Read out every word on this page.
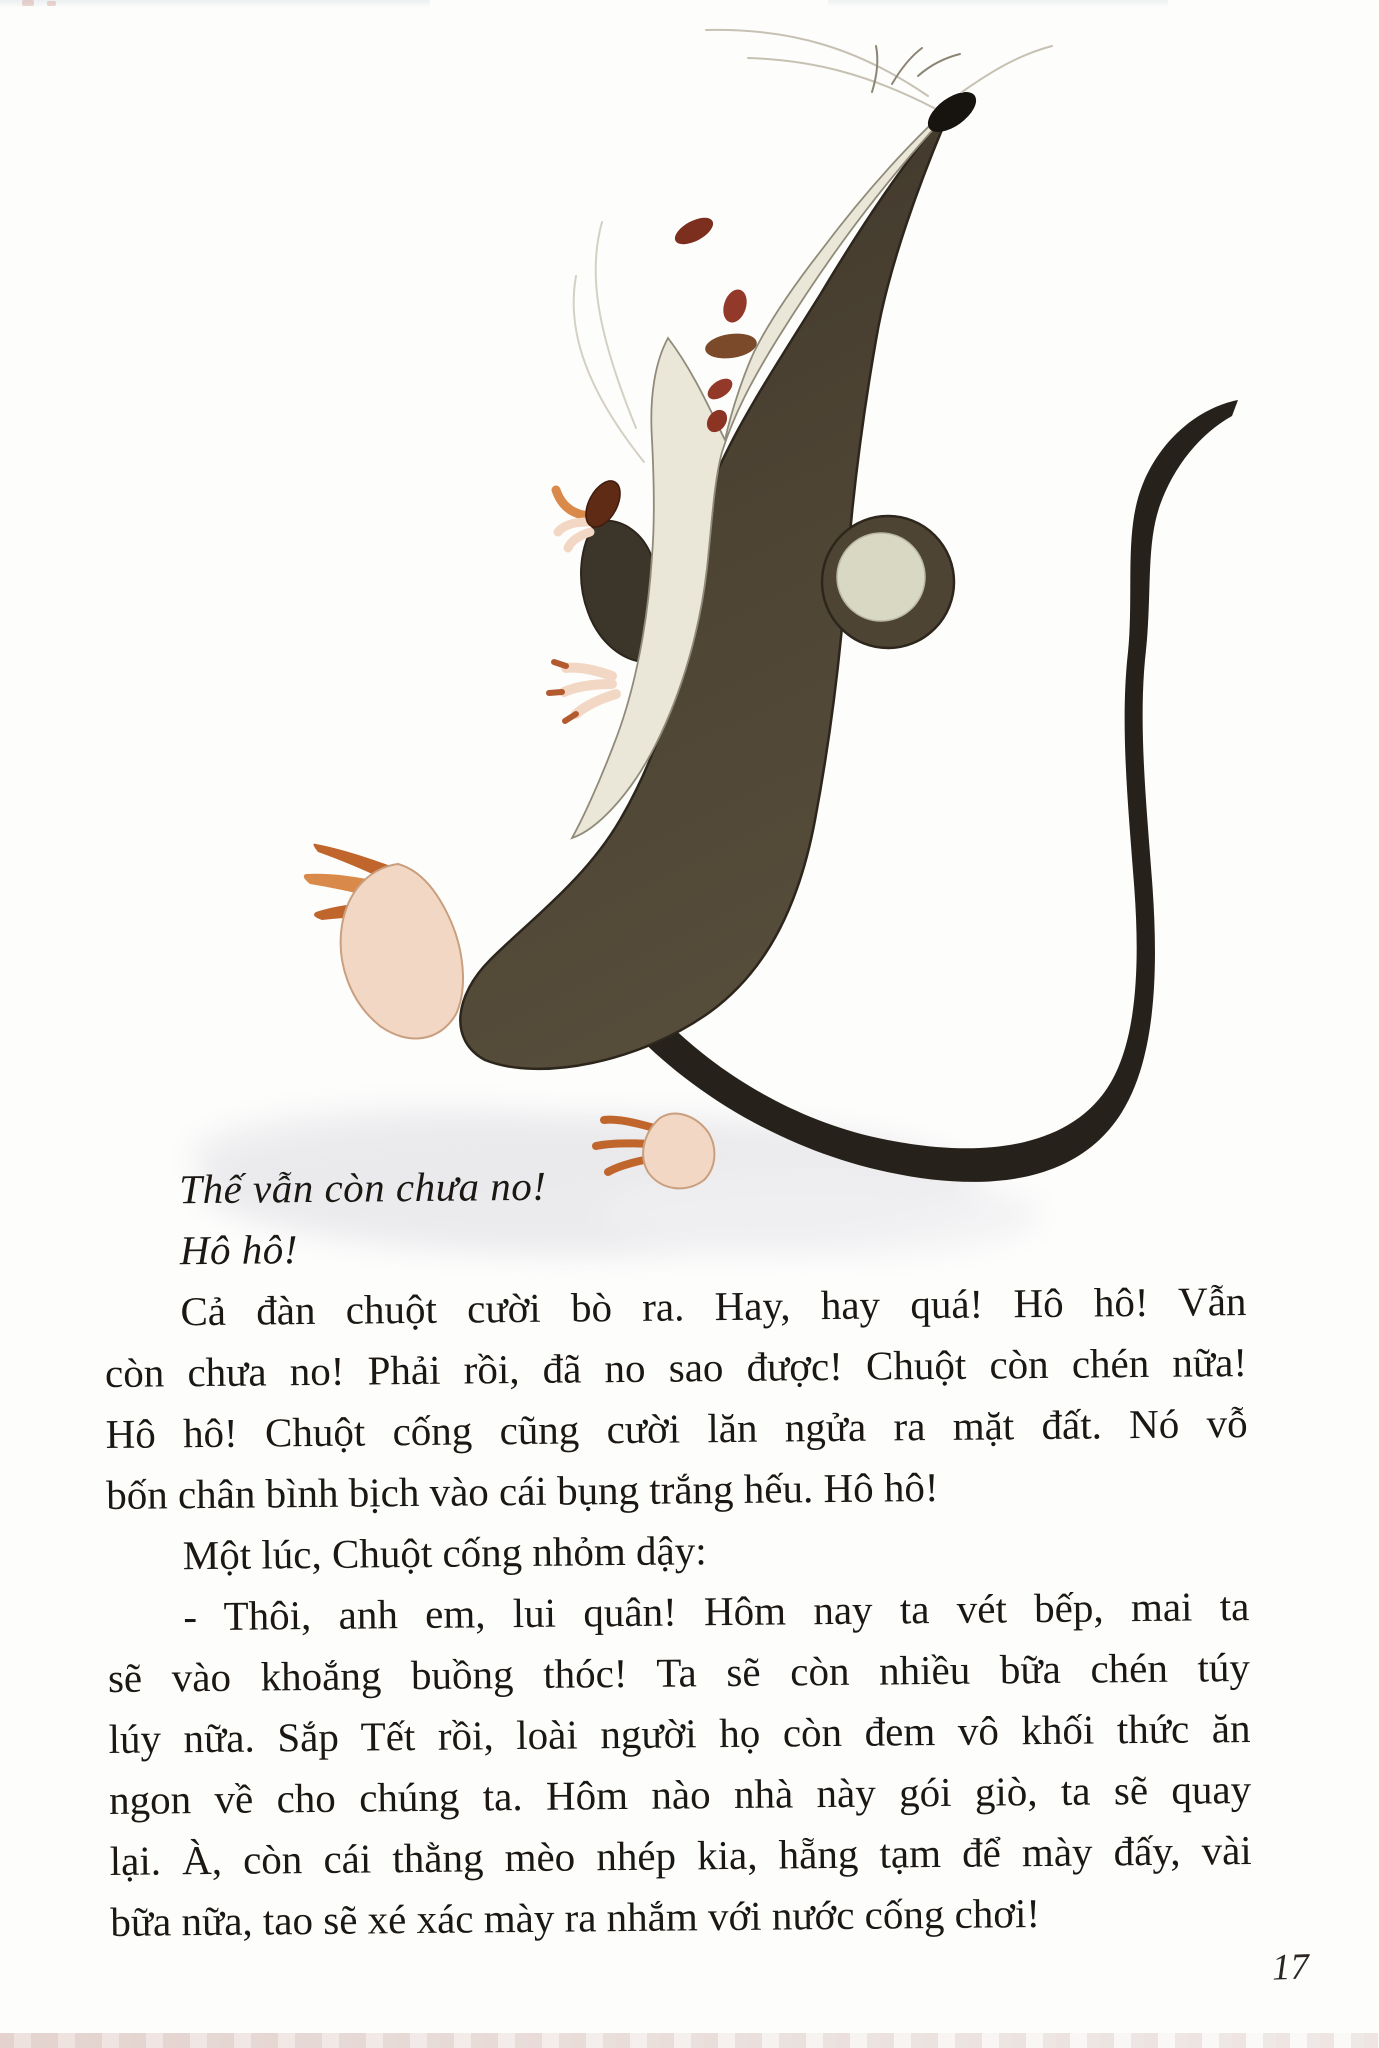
Thế vẫn còn chưa no!
Hô hô!
Cả đàn chuột cười bò ra. Hay, hay quá! Hô hô! Vẫn
còn chưa no! Phải rồi, đã no sao được! Chuột còn chén nữa!
Hô hô! Chuột cống cũng cười lăn ngửa ra mặt đất. Nó vỗ
bốn chân bình bịch vào cái bụng trắng hếu. Hô hô!
Một lúc, Chuột cống nhỏm dậy:
- Thôi, anh em, lui quân! Hôm nay ta vét bếp, mai ta
sẽ vào khoắng buồng thóc! Ta sẽ còn nhiều bữa chén túy
lúy nữa. Sắp Tết rồi, loài người họ còn đem vô khối thức ăn
ngon về cho chúng ta. Hôm nào nhà này gói giò, ta sẽ quay
lại. À, còn cái thằng mèo nhép kia, hẵng tạm để mày đấy, vài
bữa nữa, tao sẽ xé xác mày ra nhắm với nước cống chơi!
17
